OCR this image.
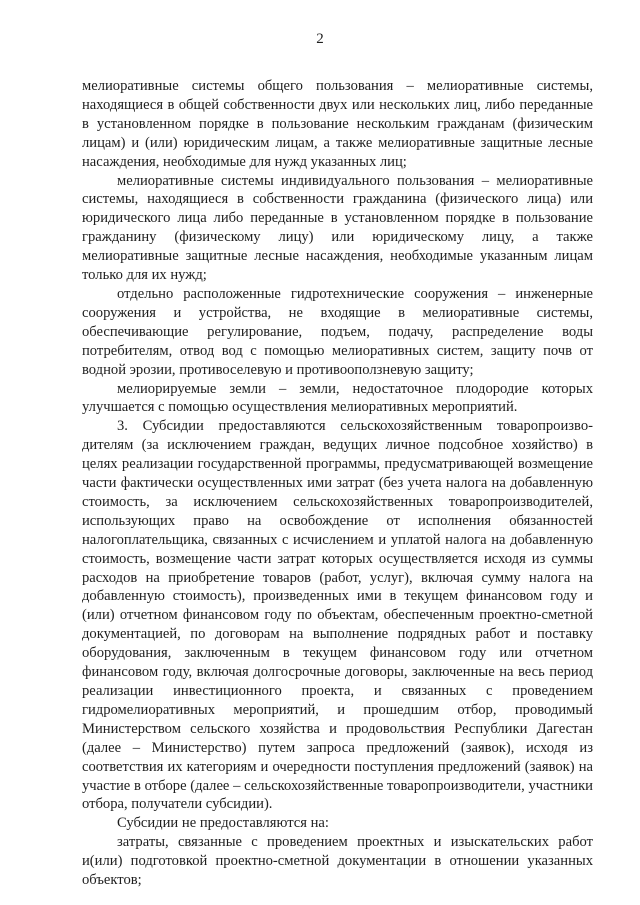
2

мелиоративные системы общего пользования – мелиоративные системы, находящиеся в общей собственности двух или нескольких лиц, либо переданные в установленном порядке в пользование нескольким гражданам (физическим лицам) и (или) юридическим лицам, а также мелиоративные защитные лесные насаждения, необходимые для нужд указанных лиц;

мелиоративные системы индивидуального пользования – мелиоративные системы, находящиеся в собственности гражданина (физического лица) или юридического лица либо переданные в установленном порядке в пользование гражданину (физическому лицу) или юридическому лицу, а также мелиоративные защитные лесные насаждения, необходимые указанным лицам только для их нужд;

отдельно расположенные гидротехнические сооружения – инженерные сооружения и устройства, не входящие в мелиоративные системы, обеспечивающие регулирование, подъем, подачу, распределение воды потребителям, отвод вод с помощью мелиоративных систем, защиту почв от водной эрозии, противоселевую и противооползневую защиту;

мелиорируемые земли – земли, недостаточное плодородие которых улучшается с помощью осуществления мелиоративных мероприятий.

3. Субсидии предоставляются сельскохозяйственным товаропроизво-дителям (за исключением граждан, ведущих личное подсобное хозяйство) в целях реализации государственной программы, предусматривающей возмещение части фактически осуществленных ими затрат (без учета налога на добавленную стоимость, за исключением сельскохозяйственных товаропроизводителей, использующих право на освобождение от исполнения обязанностей налогоплательщика, связанных с исчислением и уплатой налога на добавленную стоимость, возмещение части затрат которых осуществляется исходя из суммы расходов на приобретение товаров (работ, услуг), включая сумму налога на добавленную стоимость), произведенных ими в текущем финансовом году и (или) отчетном финансовом году по объектам, обеспеченным проектно-сметной документацией, по договорам на выполнение подрядных работ и поставку оборудования, заключенным в текущем финансовом году или отчетном финансовом году, включая долгосрочные договоры, заключенные на весь период реализации инвестиционного проекта, и связанных с проведением гидромелиоративных мероприятий, и прошедшим отбор, проводимый Министерством сельского хозяйства и продовольствия Республики Дагестан (далее – Министерство) путем запроса предложений (заявок), исходя из соответствия их категориям и очередности поступления предложений (заявок) на участие в отборе (далее – сельскохозяйственные товаропроизводители, участники отбора, получатели субсидии).

Субсидии не предоставляются на:

затраты, связанные с проведением проектных и изыскательских работ и(или) подготовкой проектно-сметной документации в отношении указанных объектов;
